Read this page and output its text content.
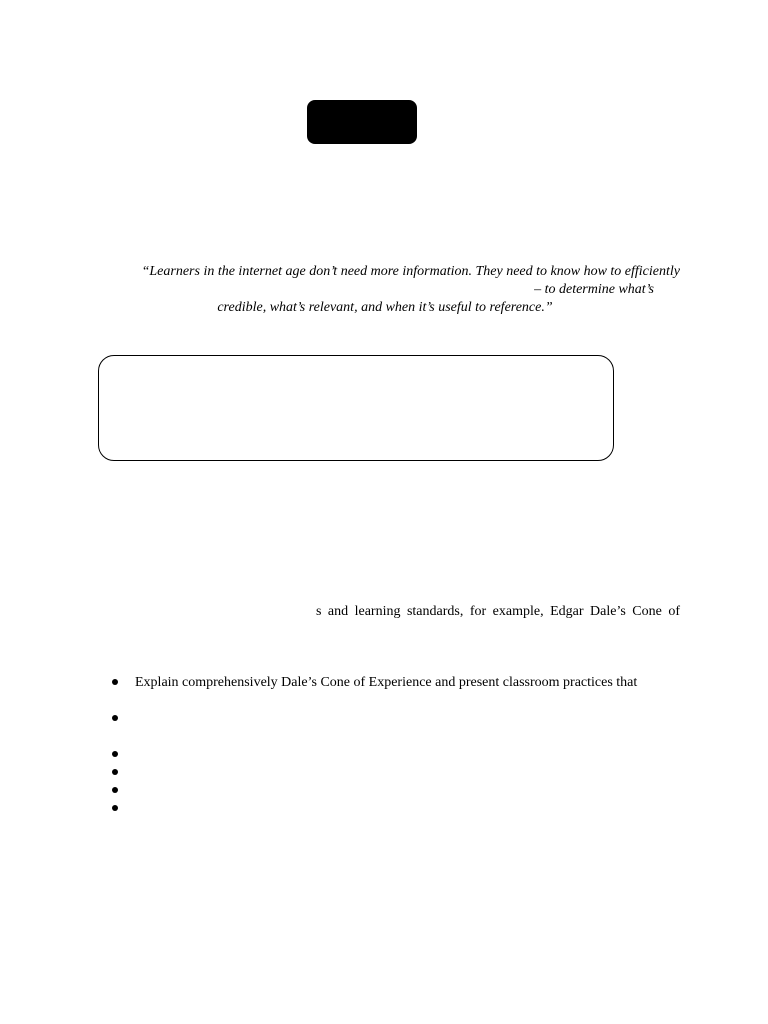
“Learners in the internet age don’t need more information. They need to know how to efficiently
– to determine what’s
credible, what’s relevant, and when it’s useful to reference.”
s and learning standards, for example, Edgar Dale’s Cone of
Explain comprehensively Dale’s Cone of Experience and present classroom practices that
